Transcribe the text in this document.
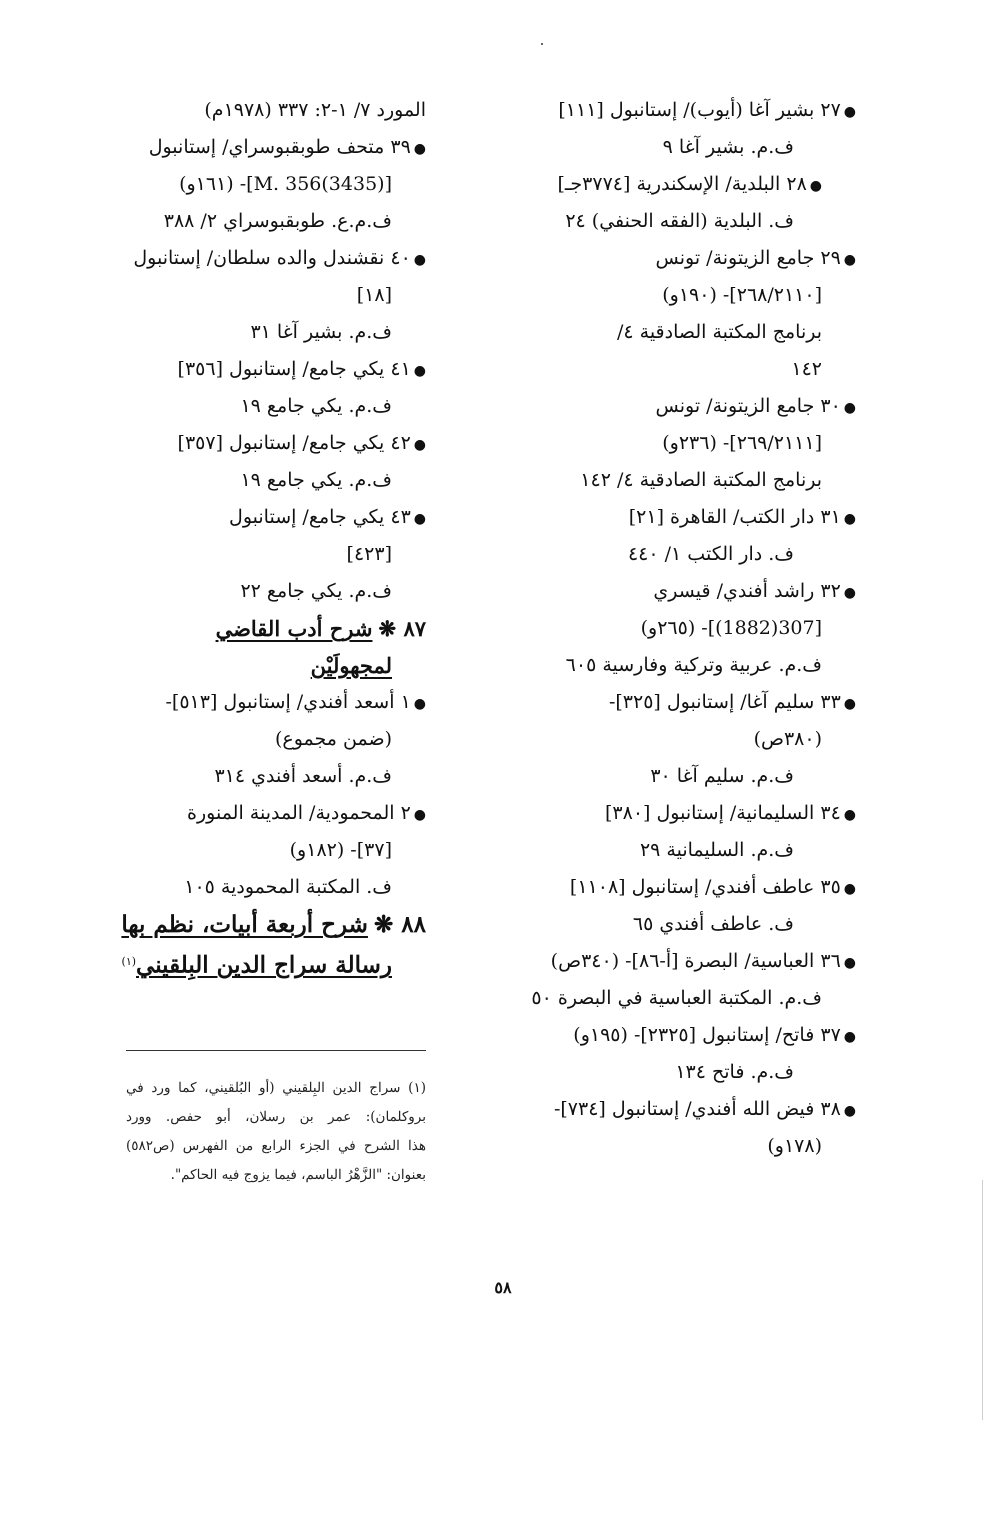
●٢٧ بشير آغا (أيوب)/ إستانبول [١١١]
ف.م. بشير آغا ٩
●٢٨ البلدية/ الإسكندرية [٣٧٧٤جـ]
ف. البلدية (الفقه الحنفي) ٢٤
●٢٩ جامع الزيتونة/ تونس
[٢٦٨/٢١١٠]- (١٩٠و)
برنامج المكتبة الصادقية ٤/
١٤٢
●٣٠ جامع الزيتونة/ تونس
[٢٦٩/٢١١١]- (٢٣٦و)
برنامج المكتبة الصادقية ٤/ ١٤٢
●٣١ دار الكتب/ القاهرة [٢١]
ف. دار الكتب ١/ ٤٤٠
●٣٢ راشد أفندي/ قيسري
[307(1882)]- (٢٦٥و)
ف.م. عربية وتركية وفارسية ٦٠٥
●٣٣ سليم آغا/ إستانبول [٣٢٥]-
(٣٨٠ص)
ف.م. سليم آغا ٣٠
●٣٤ السليمانية/ إستانبول [٣٨٠]
ف.م. السليمانية ٢٩
●٣٥ عاطف أفندي/ إستانبول [١١٠٨]
ف. عاطف أفندي ٦٥
●٣٦ العباسية/ البصرة [أ-٨٦]- (٣٤٠ص)
ف.م. المكتبة العباسية في البصرة ٥٠
●٣٧ فاتح/ إستانبول [٢٣٢٥]- (١٩٥و)
ف.م. فاتح ١٣٤
●٣٨ فيض الله أفندي/ إستانبول [٧٣٤]-
(١٧٨و)
المورد ٧/ ١-٢: ٣٣٧ (١٩٧٨م)
●٣٩ متحف طوبقبوسراي/ إستانبول
[M. 356(3435)]- (١٦١و)
ف.م.ع. طوبقبوسراي ٢/ ٣٨٨
●٤٠ نقشندل والده سلطان/ إستانبول
[١٨]
ف.م. بشير آغا ٣١
●٤١ يكي جامع/ إستانبول [٣٥٦]
ف.م. يكي جامع ١٩
●٤٢ يكي جامع/ إستانبول [٣٥٧]
ف.م. يكي جامع ١٩
●٤٣ يكي جامع/ إستانبول
[٤٢٣]
ف.م. يكي جامع ٢٢
٨٧ ❋ شرح أدب القاضي
لمجهولَيْن
●١ أسعد أفندي/ إستانبول [٥١٣]-
(ضمن مجموع)
ف.م. أسعد أفندي ٣١٤
●٢ المحمودية/ المدينة المنورة
[٣٧]- (١٨٢و)
ف. المكتبة المحمودية ١٠٥
٨٨ ❋ شرح أربعة أبيات، نظم بها
رسالة سراج الدين البِلقيني$^{(١)}$
(١) سراج الدين البِلقيني (أو البُلقيني، كما ورد في
بروكلمان): عمر بن رسلان، أبو حفص. وورد
هذا الشرح في الجزء الرابع من الفهرس (ص٥٨٢)
بعنوان: "الزَّهْرُ الباسم، فيما يزوج فيه الحاكم".
٥٨
